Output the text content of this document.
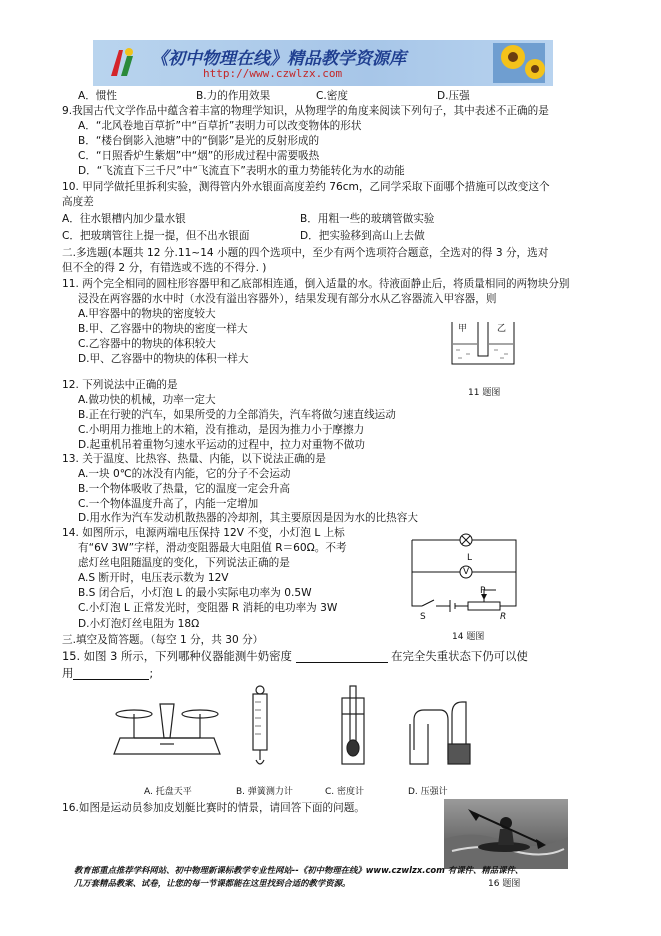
《初中物理在线》精品教学资源库
http://www.czwlzx.com
A．惯性	B.力的作用效果	C.密度	D.压强
9.我国古代文学作品中蕴含着丰富的物理学知识，从物理学的角度来阅读下列句子，其中表述不正确的是
A．“北风卷地百草折”中“百草折”表明力可以改变物体的形状
B．“楼台倒影入池塘”中的“倒影”是光的反射形成的
C．“日照香炉生紫烟”中“烟”的形成过程中需要吸热
D．“飞流直下三千尺”中“飞流直下”表明水的重力势能转化为水的动能
10. 甲同学做托里拆利实验，测得管内外水银面高度差约 76cm，乙同学采取下面哪个措施可以改变这个
高度差
A．往水银槽内加少量水银	B．用粗一些的玻璃管做实验
C．把玻璃管往上提一提，但不出水银面	D．把实验移到高山上去做
二.多选题(本题共 12 分.11~14 小题的四个选项中，至少有两个选项符合题意，全选对的得 3 分，选对
但不全的得 2 分，有错选或不选的不得分. )
11. 两个完全相同的圆柱形容器甲和乙底部相连通，倒入适量的水。待液面静止后，将质量相同的两物块分别
浸没在两容器的水中时（水没有溢出容器外），结果发现有部分水从乙容器流入甲容器，则
A.甲容器中的物块的密度较大
B.甲、乙容器中的物块的密度一样大
C.乙容器中的物块的体积较大
D.甲、乙容器中的物块的体积一样大
甲	乙
11 题图
12. 下列说法中正确的是
A.做功快的机械，功率一定大
B.正在行驶的汽车，如果所受的力全部消失，汽车将做匀速直线运动
C.小明用力推地上的木箱，没有推动，是因为推力小于摩擦力
D.起重机吊着重物匀速水平运动的过程中，拉力对重物不做功
13. 关于温度、比热容、热量、内能，以下说法正确的是
A.一块 0℃的冰没有内能，它的分子不会运动
B.一个物体吸收了热量，它的温度一定会升高
C.一个物体温度升高了，内能一定增加
D.用水作为汽车发动机散热器的冷却剂，其主要原因是因为水的比热容大
14. 如图所示，电源两端电压保持 12V 不变，小灯泡 L 上标
有“6V 3W”字样，滑动变阻器最大电阻值 R＝60Ω。不考
虑灯丝电阻随温度的变化，下列说法正确的是
A.S 断开时，电压表示数为 12V
B.S 闭合后，小灯泡 L 的最小实际电功率为 0.5W
C.小灯泡 L 正常发光时，变阻器 R 消耗的电功率为 3W
D.小灯泡灯丝电阻为 18Ω
L
V
P
S	R
14 题图
三.填空及简答题。（每空 1 分，共 30 分）
15. 如图 3 所示，下列哪种仪器能测牛奶密度	在完全失重状态下仍可以使
用	;
A. 托盘天平	B. 弹簧测力计	C. 密度计	D. 压强计
16.如图是运动员参加皮划艇比赛时的情景，请回答下面的问题。
16 题图
教育部重点推荐学科网站、初中物理新课标教学专业性网站--《初中物理在线》www.czwlzx.com 有课件、精品课件、
几万套精品教案、试卷，让您的每一节课都能在这里找到合适的教学资源。
